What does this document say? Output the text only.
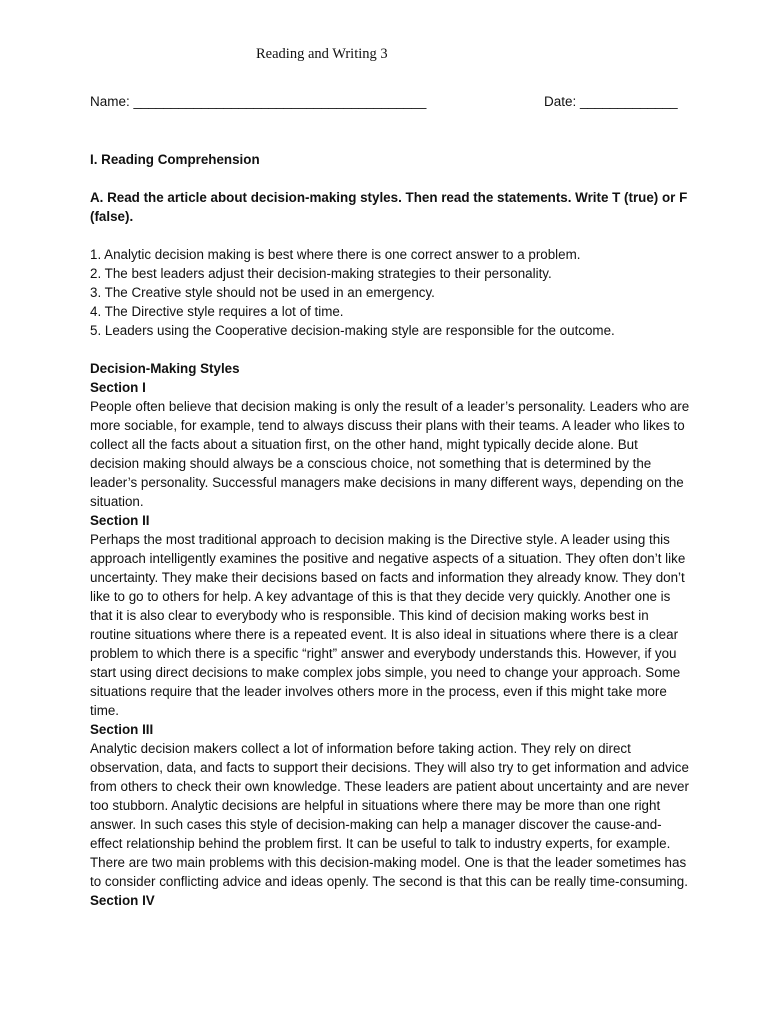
Reading and Writing 3
Name: _______________________________________	Date: _____________

I. Reading Comprehension

A. Read the article about decision-making styles. Then read the statements. Write T (true) or F (false).

1. Analytic decision making is best where there is one correct answer to a problem.
2. The best leaders adjust their decision-making strategies to their personality.
3. The Creative style should not be used in an emergency.
4. The Directive style requires a lot of time.
5. Leaders using the Cooperative decision-making style are responsible for the outcome.

Decision-Making Styles

Section I

People often believe that decision making is only the result of a leader’s personality. Leaders who are more sociable, for example, tend to always discuss their plans with their teams. A leader who likes to collect all the facts about a situation first, on the other hand, might typically decide alone. But decision making should always be a conscious choice, not something that is determined by the leader’s personality. Successful managers make decisions in many different ways, depending on the situation.

Section II

Perhaps the most traditional approach to decision making is the Directive style. A leader using this approach intelligently examines the positive and negative aspects of a situation. They often don’t like uncertainty. They make their decisions based on facts and information they already know. They don’t like to go to others for help. A key advantage of this is that they decide very quickly. Another one is that it is also clear to everybody who is responsible. This kind of decision making works best in routine situations where there is a repeated event. It is also ideal in situations where there is a clear problem to which there is a specific “right” answer and everybody understands this. However, if you start using direct decisions to make complex jobs simple, you need to change your approach. Some situations require that the leader involves others more in the process, even if this might take more time.

Section III

Analytic decision makers collect a lot of information before taking action. They rely on direct observation, data, and facts to support their decisions. They will also try to get information and advice from others to check their own knowledge. These leaders are patient about uncertainty and are never too stubborn. Analytic decisions are helpful in situations where there may be more than one right answer. In such cases this style of decision-making can help a manager discover the cause-and-effect relationship behind the problem first. It can be useful to talk to industry experts, for example. There are two main problems with this decision-making model. One is that the leader sometimes has to consider conflicting advice and ideas openly. The second is that this can be really time-consuming.

Section IV
